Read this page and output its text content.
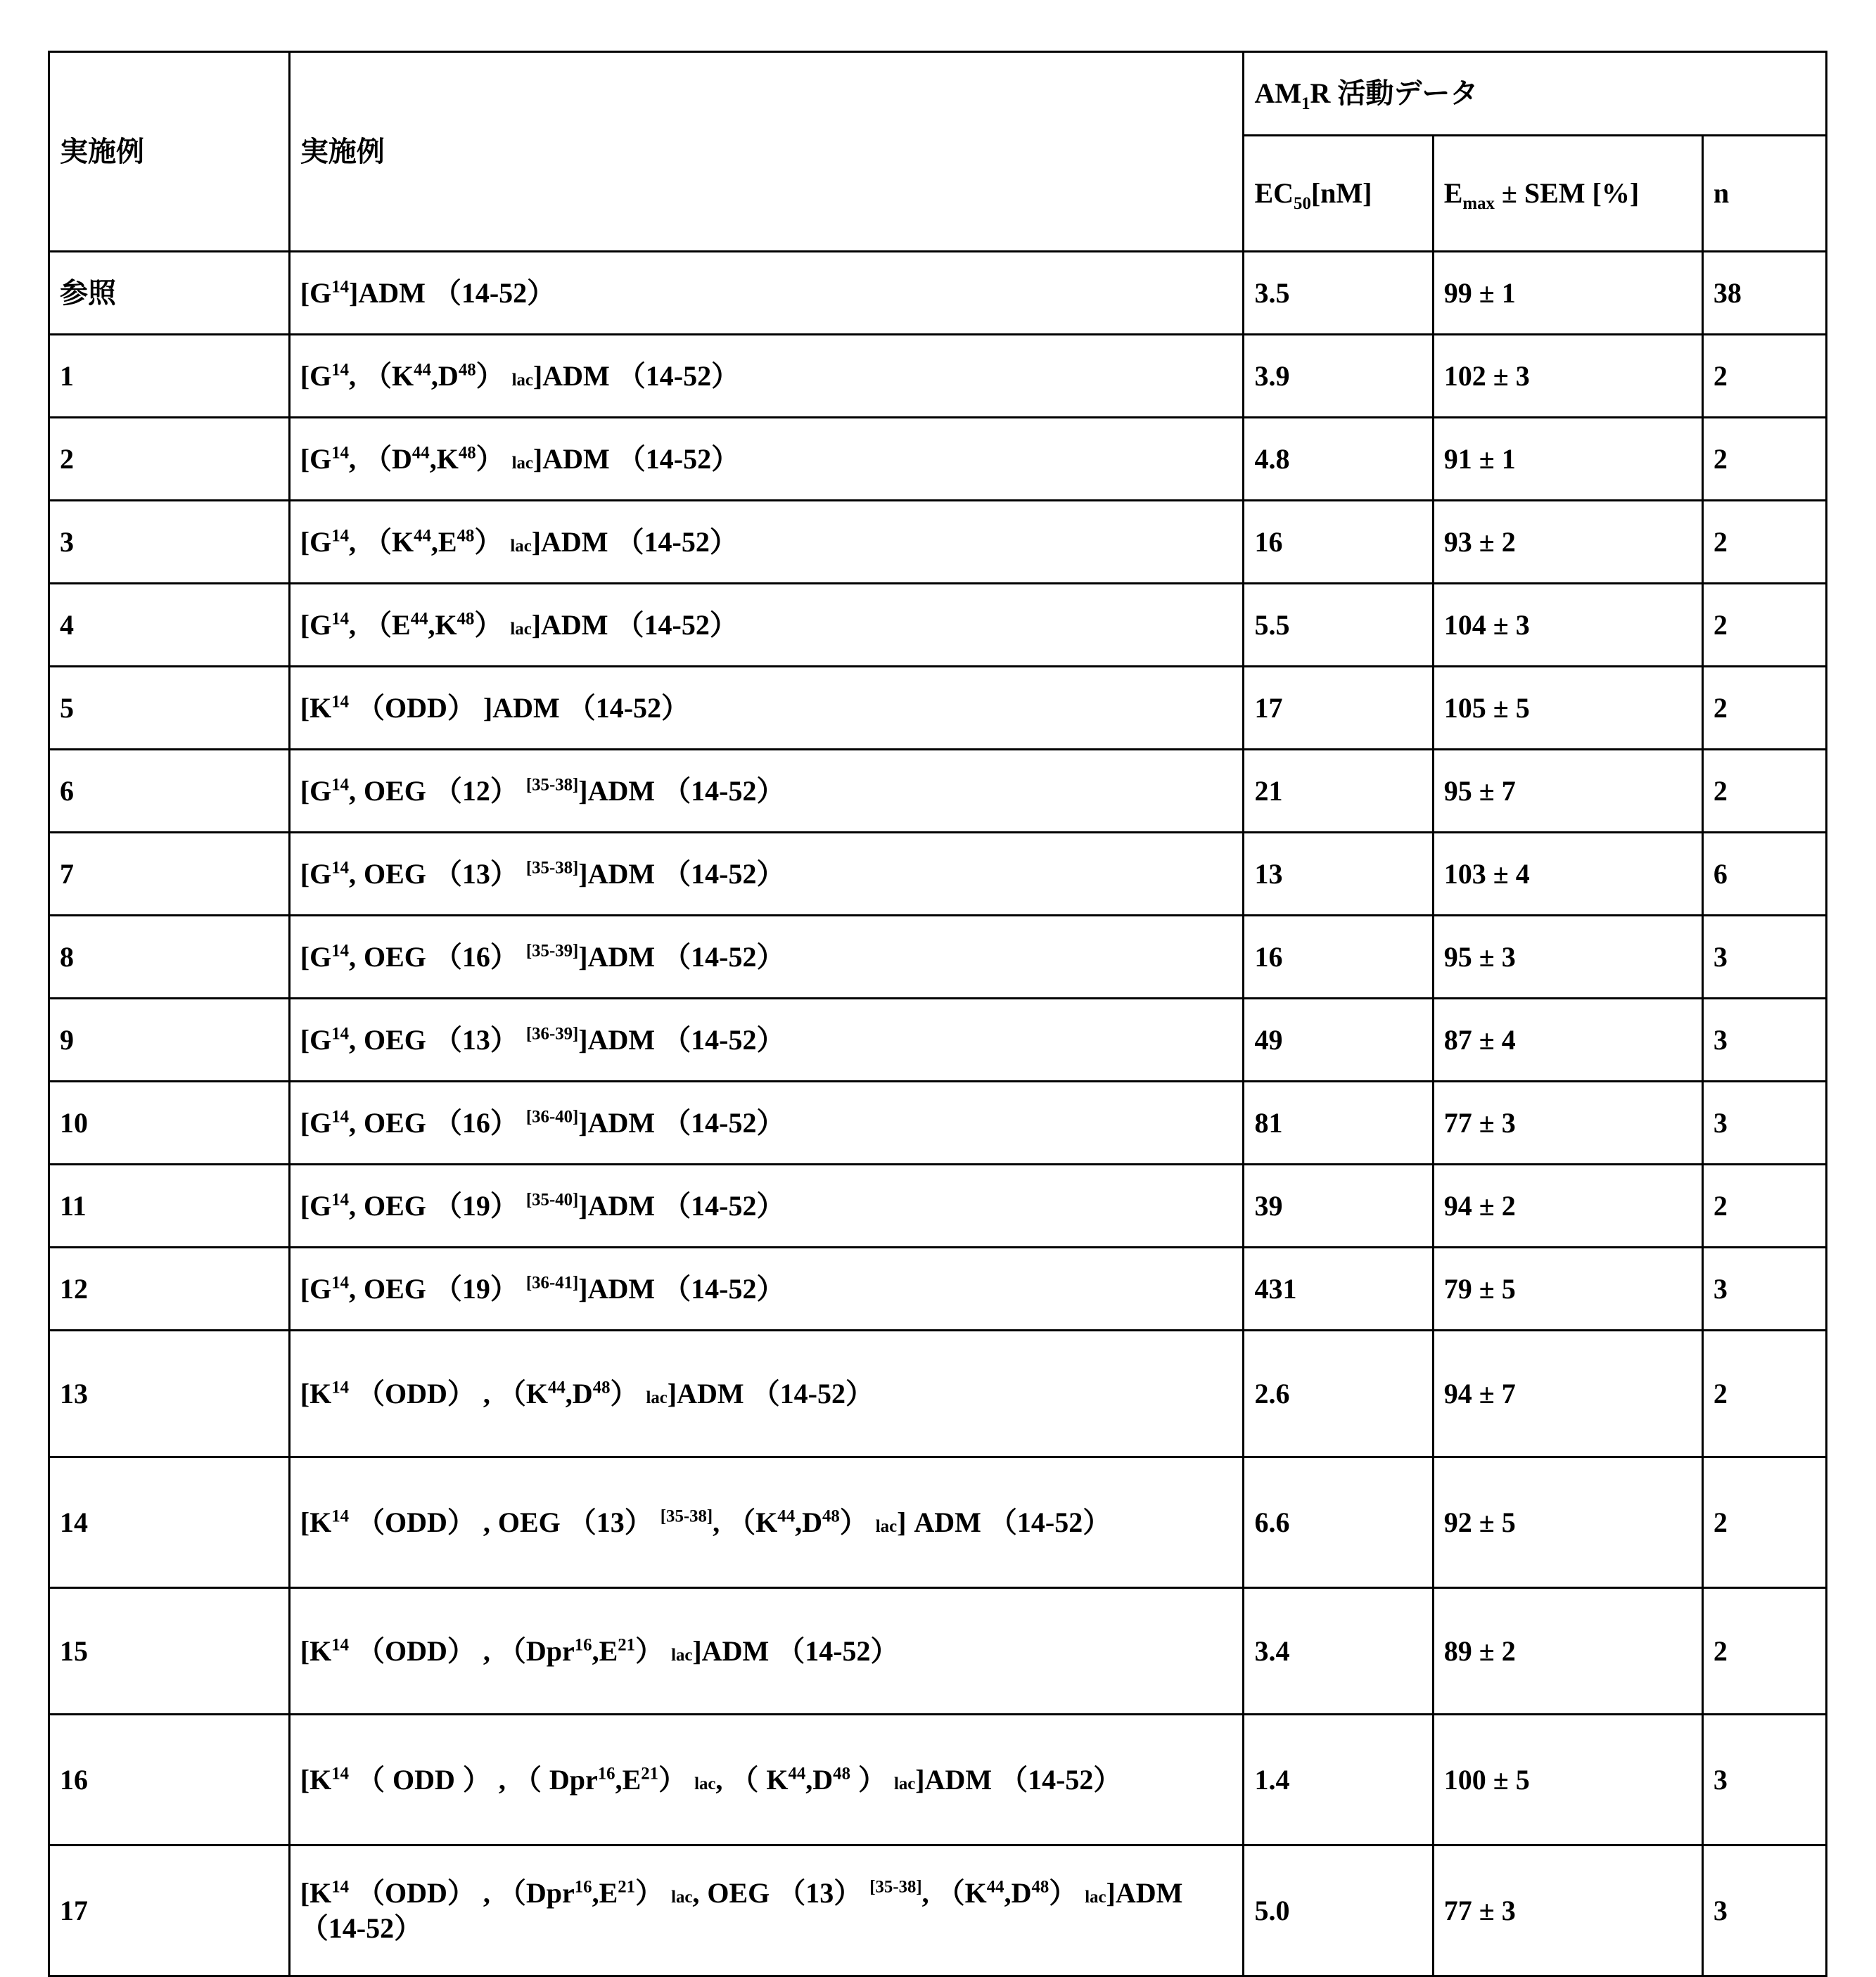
実施例	実施例	$AM_1R$ 活動データ		
		$EC_{50}[nM]$	$E_{max}$ ± SEM [%]	n
参照	$[G^{14}]ADM$ （14-52）	3.5	99 ± 1	38
1	[$G^{14}$, $(K^{44},D^{48})$ lac]ADM （14-52）	3.9	102 ± 3	2
2	[$G^{14}$, $(D^{44},K^{48})$ lac]ADM （14-52）	4.8	91 ± 1	2
3	[$G^{14}$, $(K^{44},E^{48})$ lac]ADM （14-52）	16	93 ± 2	2
4	[$G^{14}$, $(E^{44},K^{48})$ lac]ADM （14-52）	5.5	104 ± 3	2
5	[$K^{14}$ （ODD） ]ADM （14-52）	17	105 ± 5	2
6	[$G^{14}$, OEG （12） [35-38]]ADM （14-52）	21	95 ± 7	2
7	[$G^{14}$, OEG （13） [35-38]]ADM （14-52）	13	103 ± 4	6
8	[$G^{14}$, OEG （16） [35-39]]ADM （14-52）	16	95 ± 3	3
9	[$G^{14}$, OEG （13） [36-39]]ADM （14-52）	49	87 ± 4	3
10	[$G^{14}$, OEG （16） [36-40]]ADM （14-52）	81	77 ± 3	3
11	[$G^{14}$, OEG （19） [35-40]]ADM （14-52）	39	94 ± 2	2
12	[$G^{14}$, OEG （19） [36-41]]ADM （14-52）	431	79 ± 5	3
13	[$K^{14}$ （ODD） , $(K^{44},D^{48})$ lac]ADM （14-52）	2.6	94 ± 7	2
14	[$K^{14}$ （ODD） , OEG （13） [35-38], $(K^{44},D^{48})$ lac] ADM （14-52）	6.6	92 ± 5	2
15	[$K^{14}$ （ODD） , $(Dpr^{16},E^{21})$ lac]ADM （14-52）	3.4	89 ± 2	2
16	[$K^{14}$ （ ODD ） , （ $Dpr^{16},E^{21}$） lac, （ $K^{44},D^{48}$ ） lac]ADM （14-52）	1.4	100 ± 5	3
17	[$K^{14}$ （ODD） , $(Dpr^{16},E^{21})$ lac, OEG （13） [35-38], $(K^{44},D^{48})$ lac]ADM （14-52）	5.0	77 ± 3	3
